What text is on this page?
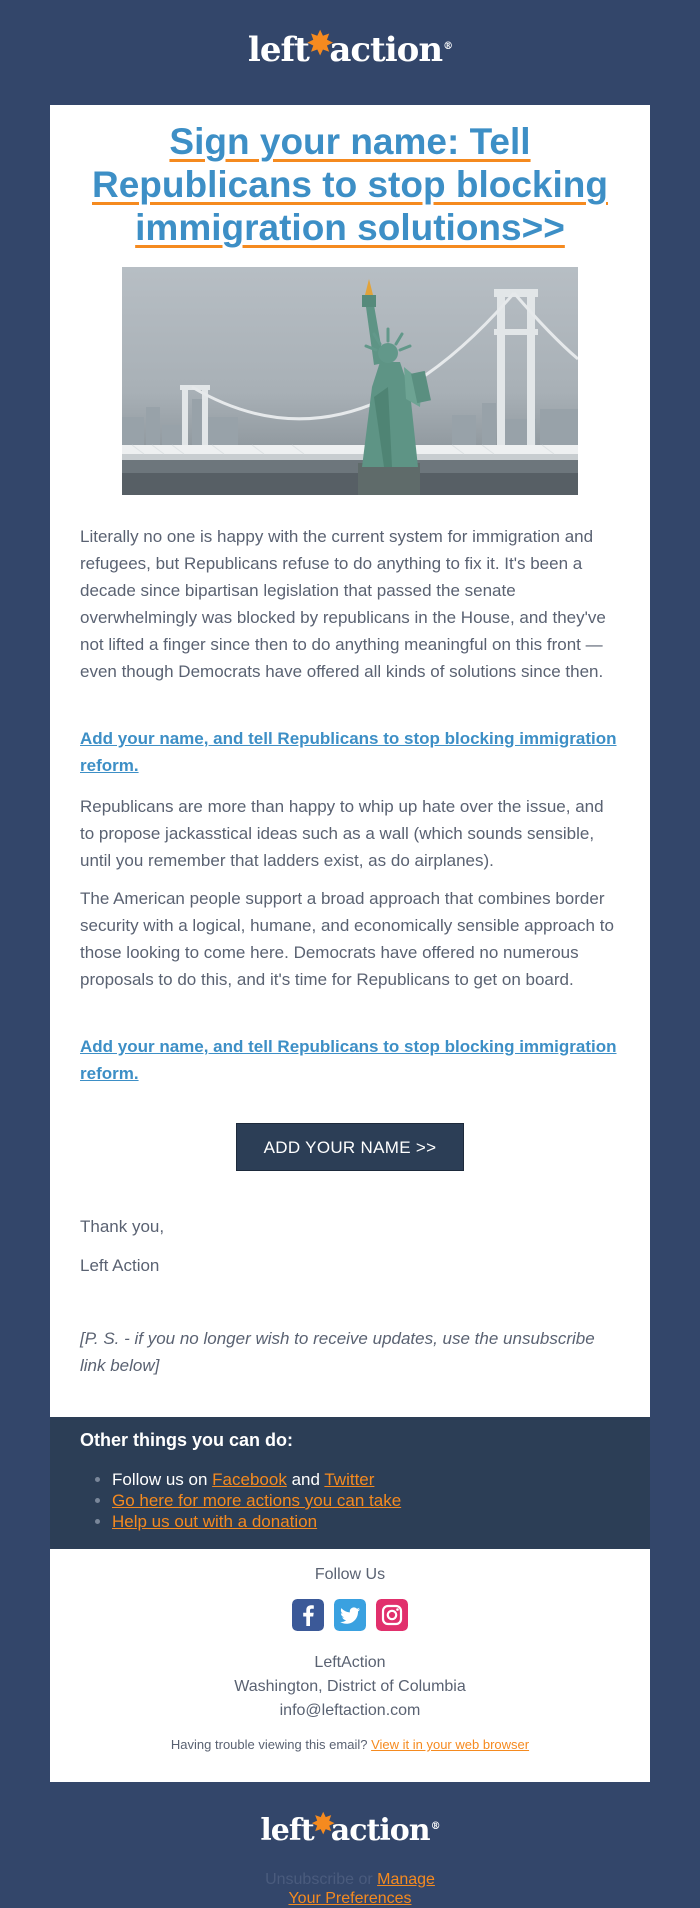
left✸action®
Sign your name: Tell Republicans to stop blocking immigration solutions>>

Literally no one is happy with the current system for immigration and refugees, but Republicans refuse to do anything to fix it. It's been a decade since bipartisan legislation that passed the senate overwhelmingly was blocked by republicans in the House, and they've not lifted a finger since then to do anything meaningful on this front — even though Democrats have offered all kinds of solutions since then.

Add your name, and tell Republicans to stop blocking immigration reform.

Republicans are more than happy to whip up hate over the issue, and to propose jackasstical ideas such as a wall (which sounds sensible, until you remember that ladders exist, as do airplanes).

The American people support a broad approach that combines border security with a logical, humane, and economically sensible approach to those looking to come here. Democrats have offered no numerous proposals to do this, and it's time for Republicans to get on board.

Add your name, and tell Republicans to stop blocking immigration reform.

ADD YOUR NAME >>

Thank you,

Left Action

[P. S. - if you no longer wish to receive updates, use the unsubscribe link below]

Other things you can do:

• Follow us on Facebook and Twitter
• Go here for more actions you can take
• Help us out with a donation
Follow Us
LeftAction
Washington, District of Columbia
info@leftaction.com
Having trouble viewing this email? View it in your web browser
left✸action®
Unsubscribe or Manage Your Preferences
